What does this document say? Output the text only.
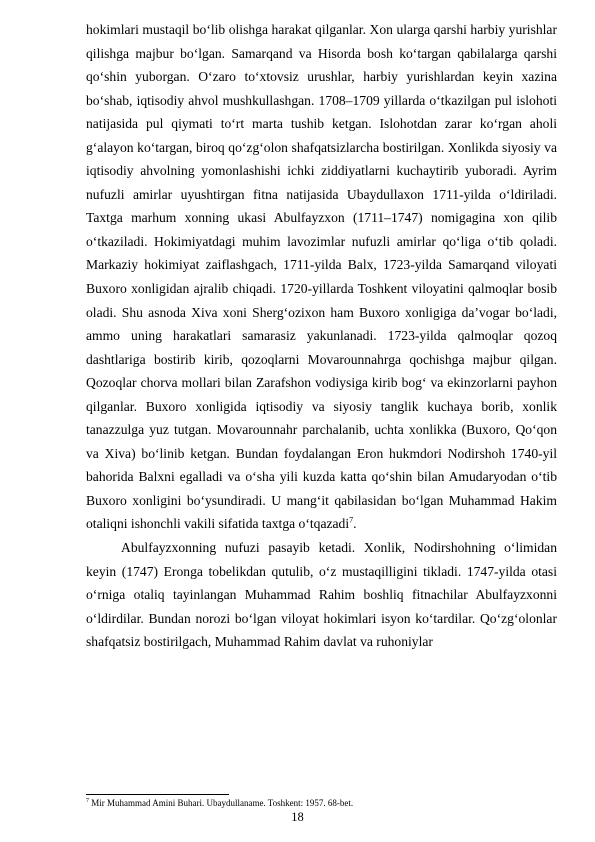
hokimlari mustaqil bo‘lib olishga harakat qilganlar. Xon ularga qarshi harbiy yurishlar qilishga majbur bo‘lgan. Samarqand va Hisorda bosh ko‘targan qabilalarga qarshi qo‘shin yuborgan. O‘zaro to‘xtovsiz urushlar, harbiy yurishlardan keyin xazina bo‘shab, iqtisodiy ahvol mushkullashgan. 1708–1709 yillarda o‘tkazilgan pul islohoti natijasida pul qiymati to‘rt marta tushib ketgan. Islohotdan zarar ko‘rgan aholi g‘alayon ko‘targan, biroq qo‘zg‘olon shafqatsizlarcha bostirilgan. Xonlikda siyosiy va iqtisodiy ahvolning yomonlashishi ichki ziddiyatlarni kuchaytirib yuboradi. Ayrim nufuzli amirlar uyushtirgan fitna natijasida Ubaydullaxon 1711-yilda o‘ldiriladi. Taxtga marhum xonning ukasi Abulfayzxon (1711–1747) nomigagina xon qilib o‘tkaziladi. Hokimiyatdagi muhim lavozimlar nufuzli amirlar qo‘liga o‘tib qoladi. Markaziy hokimiyat zaiflashgach, 1711-yilda Balx, 1723-yilda Samarqand viloyati Buxoro xonligidan ajralib chiqadi. 1720-yillarda Toshkent viloyatini qalmoqlar bosib oladi. Shu asnoda Xiva xoni Sherg‘ozixon ham Buxoro xonligiga da’vogar bo‘ladi, ammo uning harakatlari samarasiz yakunlanadi. 1723-yilda qalmoqlar qozoq dashtlariga bostirib kirib, qozoqlarni Movarounnahrga qochishga majbur qilgan. Qozoqlar chorva mollari bilan Zarafshon vodiysiga kirib bog‘ va ekinzorlarni payhon qilganlar. Buxoro xonligida iqtisodiy va siyosiy tanglik kuchaya borib, xonlik tanazzulga yuz tutgan. Movarounnahr parchalanib, uchta xonlikka (Buxoro, Qo‘qon va Xiva) bo‘linib ketgan. Bundan foydalangan Eron hukmdori Nodirshoh 1740-yil bahorida Balxni egalladi va o‘sha yili kuzda katta qo‘shin bilan Amudaryodan o‘tib Buxoro xonligini bo‘ysundiradi. U mang‘it qabilasidan bo‘lgan Muhammad Hakim otaliqni ishonchli vakili sifatida taxtga o‘tqazadi$^7$.

Abulfayzxonning nufuzi pasayib ketadi. Xonlik, Nodirshohning o‘limidan keyin (1747) Eronga tobelikdan qutulib, o‘z mustaqilligini tikladi. 1747-yilda otasi o‘rniga otaliq tayinlangan Muhammad Rahim boshliq fitnachilar Abulfayzxonni o‘ldirdilar. Bundan norozi bo‘lgan viloyat hokimlari isyon ko‘tardilar. Qo‘zg‘olonlar shafqatsiz bostirilgach, Muhammad Rahim davlat va ruhoniylar

$^7$ Mir Muhammad Amini Buhari. Ubaydullaname. Toshkent: 1957. 68-bet.
18
